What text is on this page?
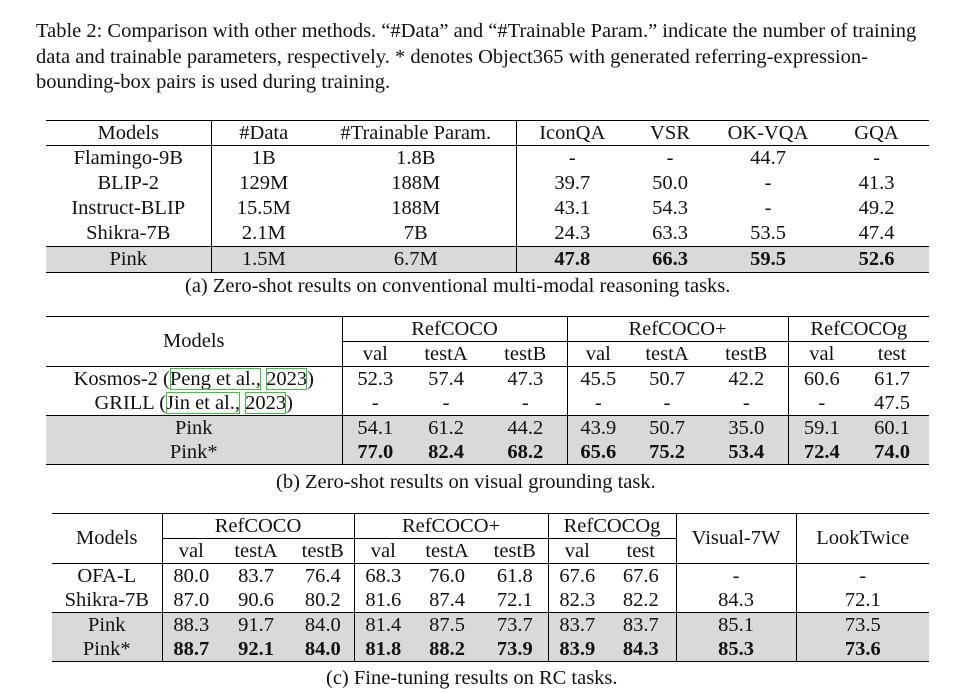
Table 2: Comparison with other methods. “#Data” and “#Trainable Param.” indicate the number of training data and trainable parameters, respectively. * denotes Object365 with generated referring-expression-bounding-box pairs is used during training.
Models	#Data	#Trainable Param.	IconQA	VSR	OK-VQA	GQA
Flamingo-9B	1B	1.8B	-	-	44.7	-
BLIP-2	129M	188M	39.7	50.0	-	41.3
Instruct-BLIP	15.5M	188M	43.1	54.3	-	49.2
Shikra-7B	2.1M	7B	24.3	63.3	53.5	47.4
Pink	1.5M	6.7M	47.8	66.3	59.5	52.6
(a) Zero-shot results on conventional multi-modal reasoning tasks.
Models	RefCOCO			RefCOCO+			RefCOCOg	
	val	testA	testB	val	testA	testB	val	test
Kosmos-2 (Peng et al., 2023)	52.3	57.4	47.3	45.5	50.7	42.2	60.6	61.7
GRILL (Jin et al., 2023)	-	-	-	-	-	-	-	47.5
Pink	54.1	61.2	44.2	43.9	50.7	35.0	59.1	60.1
Pink*	77.0	82.4	68.2	65.6	75.2	53.4	72.4	74.0
(b) Zero-shot results on visual grounding task.
Models	RefCOCO			RefCOCO+			RefCOCOg		Visual-7W	LookTwice
	val	testA	testB	val	testA	testB	val	test		
OFA-L	80.0	83.7	76.4	68.3	76.0	61.8	67.6	67.6	-	-
Shikra-7B	87.0	90.6	80.2	81.6	87.4	72.1	82.3	82.2	84.3	72.1
Pink	88.3	91.7	84.0	81.4	87.5	73.7	83.7	83.7	85.1	73.5
Pink*	88.7	92.1	84.0	81.8	88.2	73.9	83.9	84.3	85.3	73.6
(c) Fine-tuning results on RC tasks.
